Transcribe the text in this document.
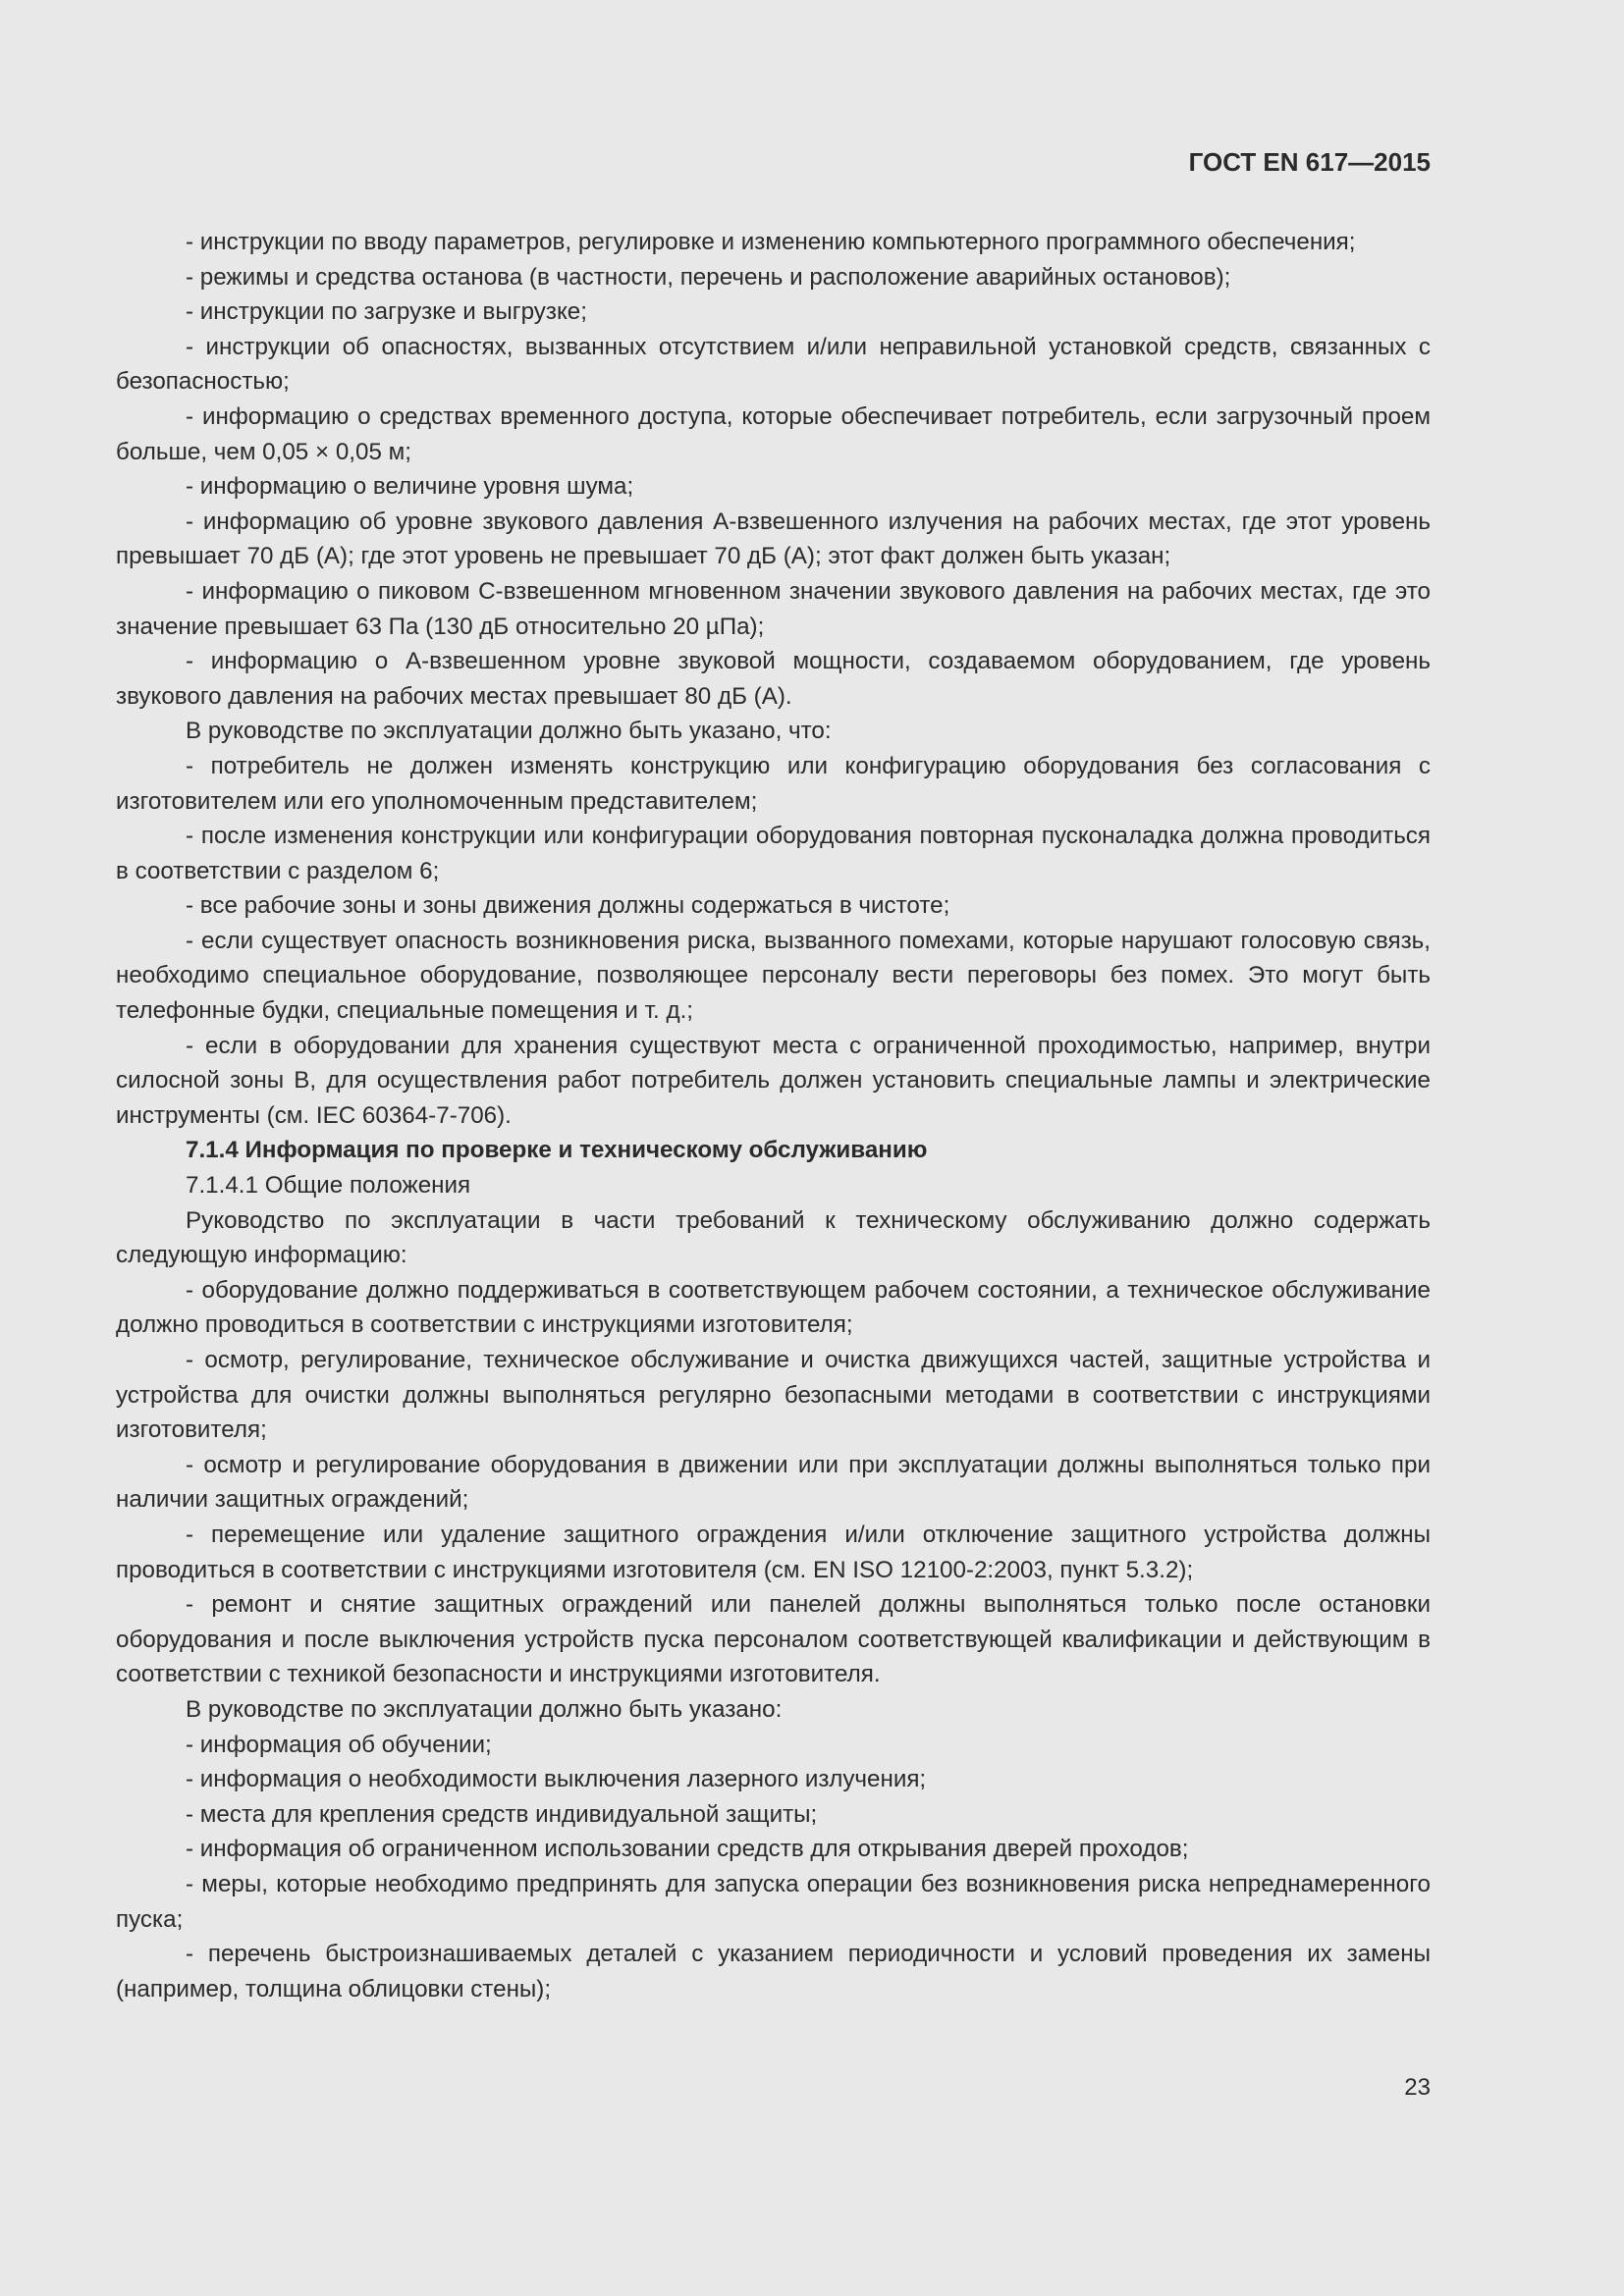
ГОСТ EN 617—2015

- инструкции по вводу параметров, регулировке и изменению компьютерного программного обеспечения;

- режимы и средства останова (в частности, перечень и расположение аварийных остановов);

- инструкции по загрузке и выгрузке;

- инструкции об опасностях, вызванных отсутствием и/или неправильной установкой средств, связанных с безопасностью;

- информацию о средствах временного доступа, которые обеспечивает потребитель, если загрузочный проем больше, чем 0,05 × 0,05 м;

- информацию о величине уровня шума;

- информацию об уровне звукового давления А-взвешенного излучения на рабочих местах, где этот уровень превышает 70 дБ (А); где этот уровень не превышает 70 дБ (А); этот факт должен быть указан;

- информацию о пиковом С-взвешенном мгновенном значении звукового давления на рабочих местах, где это значение превышает 63 Па (130 дБ относительно 20 µПа);

- информацию о А-взвешенном уровне звуковой мощности, создаваемом оборудованием, где уровень звукового давления на рабочих местах превышает 80 дБ (А).

В руководстве по эксплуатации должно быть указано, что:

- потребитель не должен изменять конструкцию или конфигурацию оборудования без согласования с изготовителем или его уполномоченным представителем;

- после изменения конструкции или конфигурации оборудования повторная пусконаладка должна проводиться в соответствии с разделом 6;

- все рабочие зоны и зоны движения должны содержаться в чистоте;

- если существует опасность возникновения риска, вызванного помехами, которые нарушают голосовую связь, необходимо специальное оборудование, позволяющее персоналу вести переговоры без помех. Это могут быть телефонные будки, специальные помещения и т. д.;

- если в оборудовании для хранения существуют места с ограниченной проходимостью, например, внутри силосной зоны В, для осуществления работ потребитель должен установить специальные лампы и электрические инструменты (см. IEC 60364-7-706).

7.1.4 Информация по проверке и техническому обслуживанию

7.1.4.1 Общие положения

Руководство по эксплуатации в части требований к техническому обслуживанию должно содержать следующую информацию:

- оборудование должно поддерживаться в соответствующем рабочем состоянии, а техническое обслуживание должно проводиться в соответствии с инструкциями изготовителя;

- осмотр, регулирование, техническое обслуживание и очистка движущихся частей, защитные устройства и устройства для очистки должны выполняться регулярно безопасными методами в соответствии с инструкциями изготовителя;

- осмотр и регулирование оборудования в движении или при эксплуатации должны выполняться только при наличии защитных ограждений;

- перемещение или удаление защитного ограждения и/или отключение защитного устройства должны проводиться в соответствии с инструкциями изготовителя (см. EN ISO 12100-2:2003, пункт 5.3.2);

- ремонт и снятие защитных ограждений или панелей должны выполняться только после остановки оборудования и после выключения устройств пуска персоналом соответствующей квалификации и действующим в соответствии с техникой безопасности и инструкциями изготовителя.

В руководстве по эксплуатации должно быть указано:

- информация об обучении;

- информация о необходимости выключения лазерного излучения;

- места для крепления средств индивидуальной защиты;

- информация об ограниченном использовании средств для открывания дверей проходов;

- меры, которые необходимо предпринять для запуска операции без возникновения риска непреднамеренного пуска;

- перечень быстроизнашиваемых деталей с указанием периодичности и условий проведения их замены (например, толщина облицовки стены);

23
